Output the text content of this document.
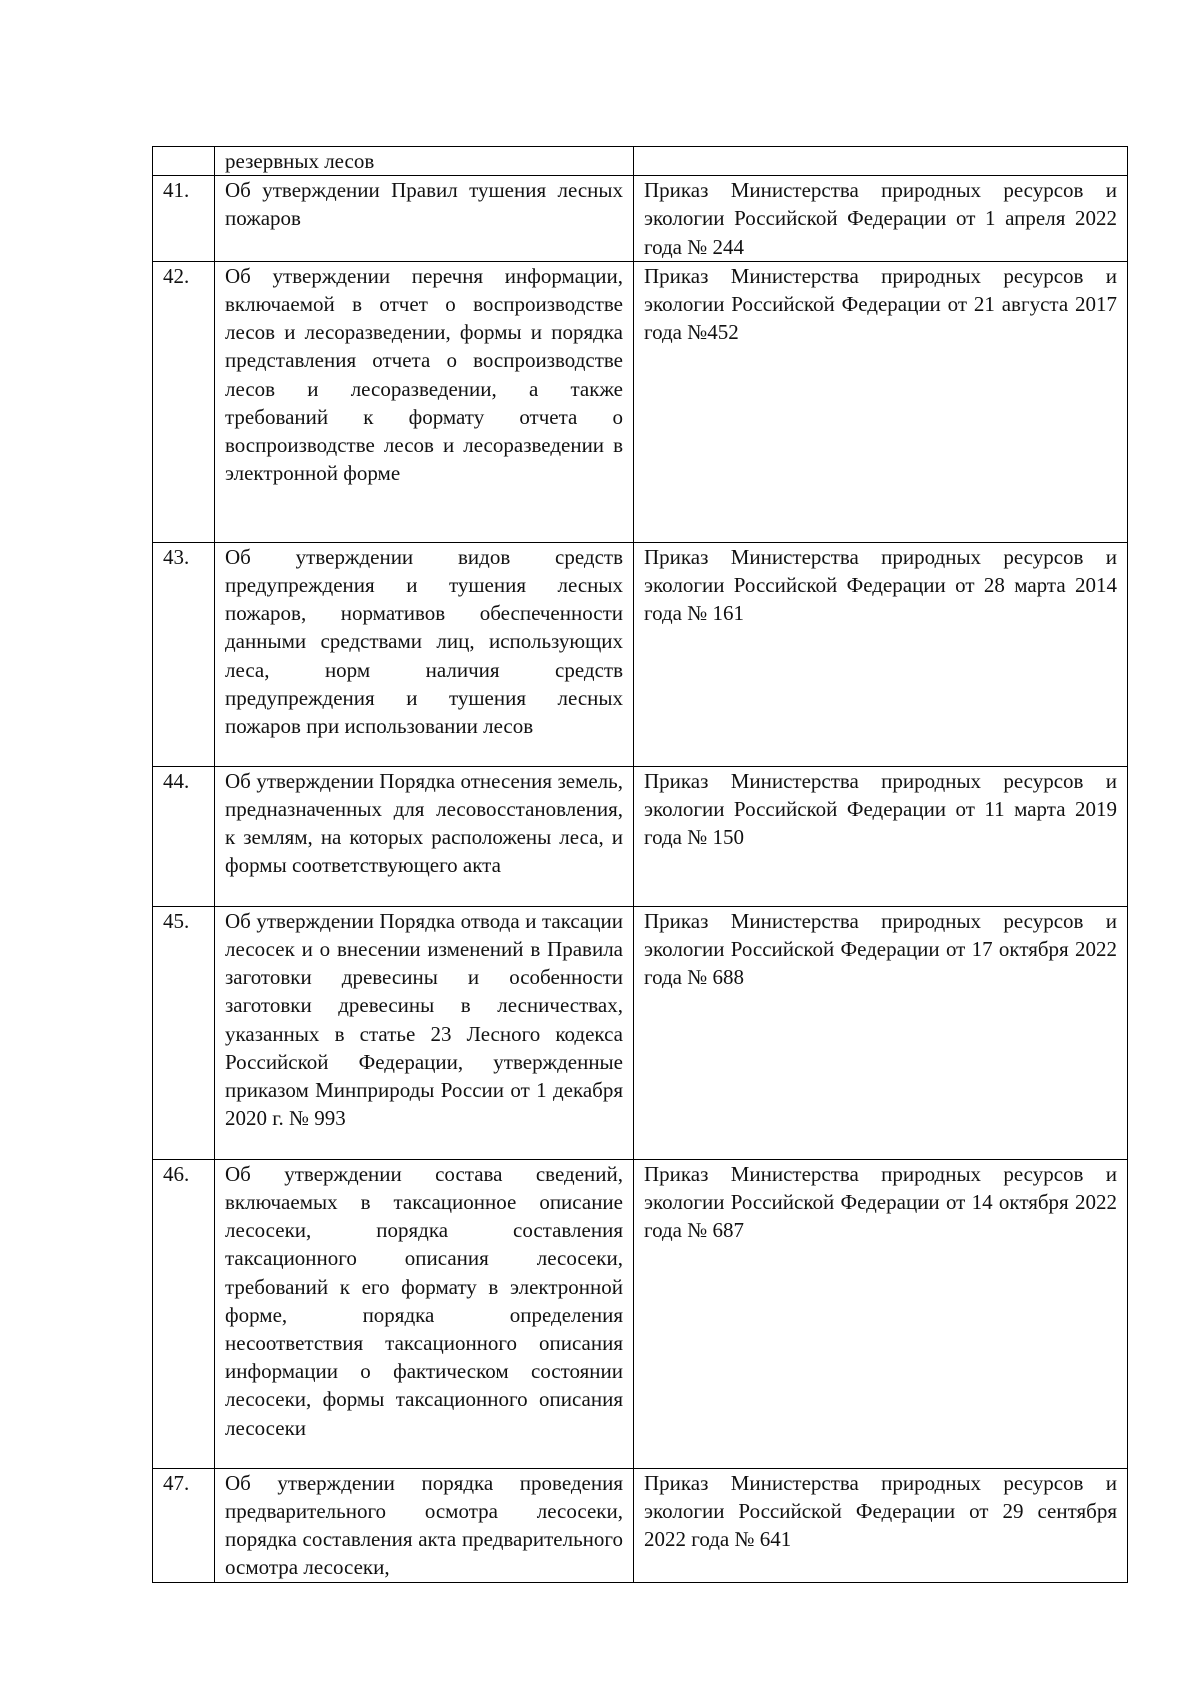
	резервных лесов	
41.	Об утверждении Правил тушения лесных пожаров	Приказ Министерства природных ресурсов и экологии Российской Федерации от 1 апреля 2022 года № 244
42.	Об утверждении перечня информации, включаемой в отчет о воспроизводстве лесов и лесоразведении, формы и порядка представления отчета о воспроизводстве лесов и лесоразведении, а также требований к формату отчета о воспроизводстве лесов и лесоразведении в электронной форме	Приказ Министерства природных ресурсов и экологии Российской Федерации от 21 августа 2017 года №452
43.	Об утверждении видов средств предупреждения и тушения лесных пожаров, нормативов обеспеченности данными средствами лиц, использующих леса, норм наличия средств предупреждения и тушения лесных пожаров при использовании лесов	Приказ Министерства природных ресурсов и экологии Российской Федерации от 28 марта 2014 года № 161
44.	Об утверждении Порядка отнесения земель, предназначенных для лесовосстановления, к землям, на которых расположены леса, и формы соответствующего акта	Приказ Министерства природных ресурсов и экологии Российской Федерации от 11 марта 2019 года № 150
45.	Об утверждении Порядка отвода и таксации лесосек и о внесении изменений в Правила заготовки древесины и особенности заготовки древесины в лесничествах, указанных в статье 23 Лесного кодекса Российской Федерации, утвержденные приказом Минприроды России от 1 декабря 2020 г. № 993	Приказ Министерства природных ресурсов и экологии Российской Федерации от 17 октября 2022 года № 688
46.	Об утверждении состава сведений, включаемых в таксационное описание лесосеки, порядка составления таксационного описания лесосеки, требований к его формату в электронной форме, порядка определения несоответствия таксационного описания информации о фактическом состоянии лесосеки, формы таксационного описания лесосеки	Приказ Министерства природных ресурсов и экологии Российской Федерации от 14 октября 2022 года № 687
47.	Об утверждении порядка проведения предварительного осмотра лесосеки, порядка составления акта предварительного осмотра лесосеки,	Приказ Министерства природных ресурсов и экологии Российской Федерации от 29 сентября 2022 года № 641
